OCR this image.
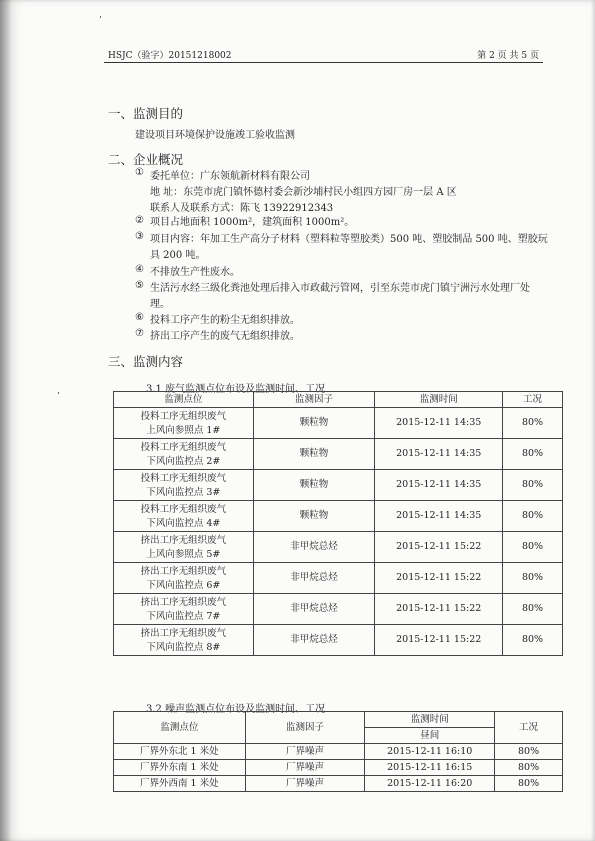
HSJC（验字）20151218002	第 2 页 共 5 页
一、监测目的
建设项目环境保护设施竣工验收监测
二、企业概况
① 委托单位：广东领航新材料有限公司
地 址：东莞市虎门镇怀德村委会新沙埔村民小组四方园厂房一层 A 区
联系人及联系方式：陈飞 13922912343
② 项目占地面积 1000m²，建筑面积 1000m²。
③ 项目内容：年加工生产高分子材料（塑料粒等塑胶类）500 吨、塑胶制品 500 吨、塑胶玩
具 200 吨。
④ 不排放生产性废水。
⑤ 生活污水经三级化粪池处理后排入市政截污管网，引至东莞市虎门镇宁洲污水处理厂处
理。
⑥ 投料工序产生的粉尘无组织排放。
⑦ 挤出工序产生的废气无组织排放。
三、监测内容
3.1 废气监测点位布设及监测时间、工况
监测点位	监测因子	监测时间	工况
投料工序无组织废气
上风向参照点 1#	颗粒物	2015-12-11 14:35	80%
投料工序无组织废气
下风向监控点 2#	颗粒物	2015-12-11 14:35	80%
投料工序无组织废气
下风向监控点 3#	颗粒物	2015-12-11 14:35	80%
投料工序无组织废气
下风向监控点 4#	颗粒物	2015-12-11 14:35	80%
挤出工序无组织废气
上风向参照点 5#	非甲烷总烃	2015-12-11 15:22	80%
挤出工序无组织废气
下风向监控点 6#	非甲烷总烃	2015-12-11 15:22	80%
挤出工序无组织废气
下风向监控点 7#	非甲烷总烃	2015-12-11 15:22	80%
挤出工序无组织废气
下风向监控点 8#	非甲烷总烃	2015-12-11 15:22	80%
3.2 噪声监测点位布设及监测时间、工况
监测点位	监测因子	监测时间	工况
		昼间	
厂界外东北 1 米处	厂界噪声	2015-12-11 16:10	80%
厂界外东南 1 米处	厂界噪声	2015-12-11 16:15	80%
厂界外西南 1 米处	厂界噪声	2015-12-11 16:20	80%
